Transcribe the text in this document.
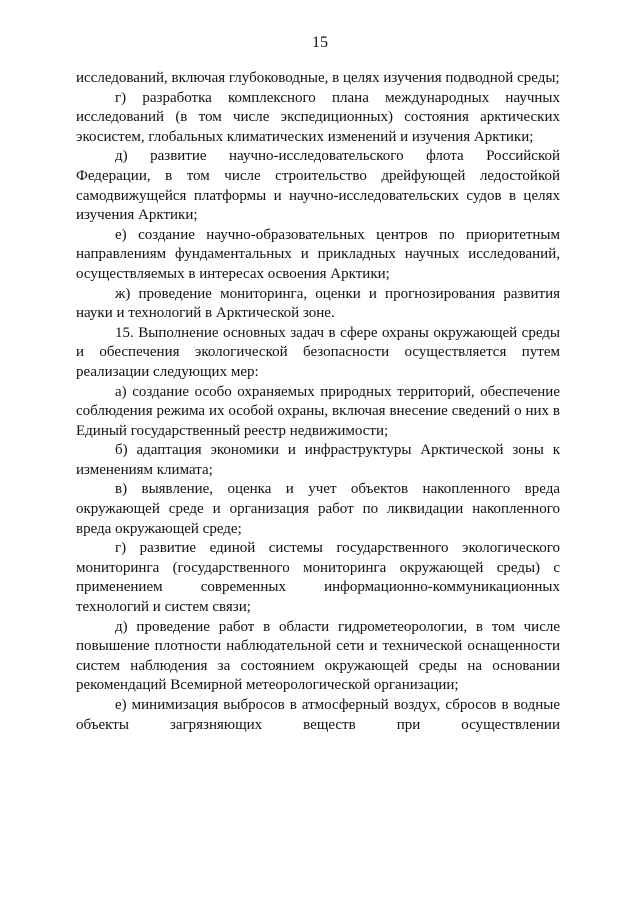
15

исследований, включая глубоководные, в целях изучения подводной среды;

г) разработка комплексного плана международных научных исследований (в том числе экспедиционных) состояния арктических экосистем, глобальных климатических изменений и изучения Арктики;

д) развитие научно-исследовательского флота Российской Федерации, в том числе строительство дрейфующей ледостойкой самодвижущейся платформы и научно-исследовательских судов в целях изучения Арктики;

е) создание научно-образовательных центров по приоритетным направлениям фундаментальных и прикладных научных исследований, осуществляемых в интересах освоения Арктики;

ж) проведение мониторинга, оценки и прогнозирования развития науки и технологий в Арктической зоне.

15. Выполнение основных задач в сфере охраны окружающей среды и обеспечения экологической безопасности осуществляется путем реализации следующих мер:

а) создание особо охраняемых природных территорий, обеспечение соблюдения режима их особой охраны, включая внесение сведений о них в Единый государственный реестр недвижимости;

б) адаптация экономики и инфраструктуры Арктической зоны к изменениям климата;

в) выявление, оценка и учет объектов накопленного вреда окружающей среде и организация работ по ликвидации накопленного вреда окружающей среде;

г) развитие единой системы государственного экологического мониторинга (государственного мониторинга окружающей среды) с применением современных информационно-коммуникационных технологий и систем связи;

д) проведение работ в области гидрометеорологии, в том числе повышение плотности наблюдательной сети и технической оснащенности систем наблюдения за состоянием окружающей среды на основании рекомендаций Всемирной метеорологической организации;

е) минимизация выбросов в атмосферный воздух, сбросов в водные объекты загрязняющих веществ при осуществлении
